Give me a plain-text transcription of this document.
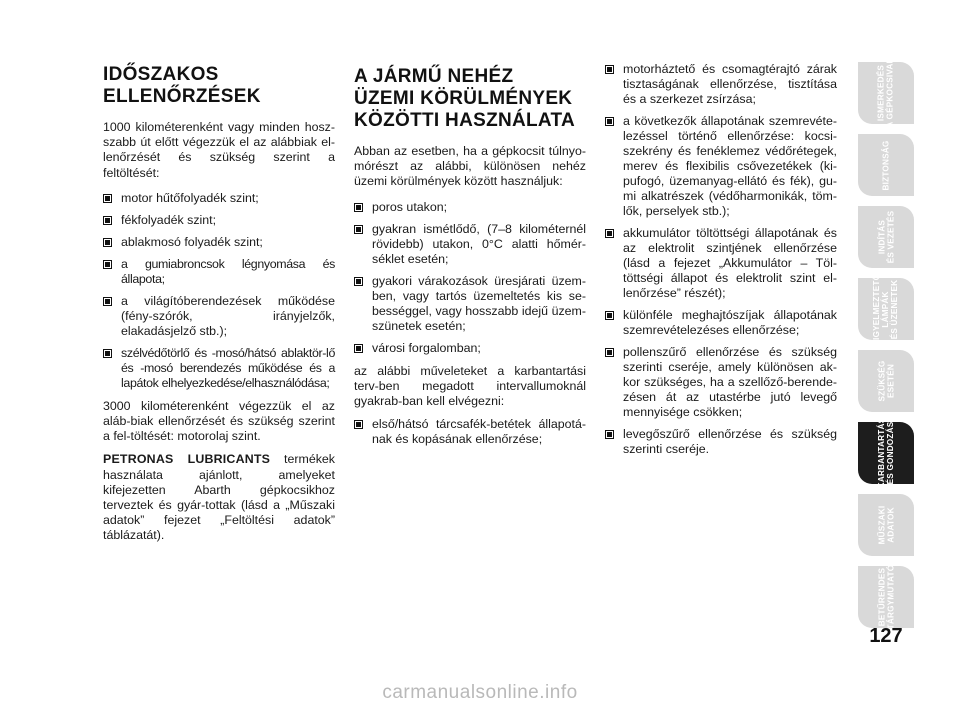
IDŐSZAKOS
ELLENŐRZÉSEK

1000 kilométerenként vagy minden hosz-szabb út előtt végezzük el az alábbiak el-lenőrzését és szükség szerint a feltöltését:

motor hűtőfolyadék szint;
fékfolyadék szint;
ablakmosó folyadék szint;
a gumiabroncsok légnyomása és állapota;
a világítóberendezések működése (fény-szórók, irányjelzők, elakadásjelző stb.);
szélvédőtörlő és -mosó/hátsó ablaktör-lő és -mosó berendezés működése és a lapátok elhelyezkedése/elhasználódása;

3000 kilométerenként végezzük el az aláb-biak ellenőrzését és szükség szerint a fel-töltését: motorolaj szint.

PETRONAS LUBRICANTS termékek használata ajánlott, amelyeket kifejezetten Abarth gépkocsikhoz terveztek és gyár-tottak (lásd a „Műszaki adatok” fejezet „Feltöltési adatok” táblázatát).

A JÁRMŰ NEHÉZ
ÜZEMI KÖRÜLMÉNYEK
KÖZÖTTI HASZNÁLATA

Abban az esetben, ha a gépkocsit túlnyo-mórészt az alábbi, különösen nehéz üzemi körülmények között használjuk:

poros utakon;
gyakran ismétlődő, (7–8 kilométernél rövidebb) utakon, 0°C alatti hőmér-séklet esetén;
gyakori várakozások üresjárati üzem-ben, vagy tartós üzemeltetés kis se-bességgel, vagy hosszabb idejű üzem-szünetek esetén;
városi forgalomban;

az alábbi műveleteket a karbantartási terv-ben megadott intervallumoknál gyakrab-ban kell elvégezni:

első/hátsó tárcsafék-betétek állapotá-nak és kopásának ellenőrzése;
motorháztető és csomagtérajtó zárak tisztaságának ellenőrzése, tisztítása és a szerkezet zsírzása;
a következők állapotának szemrevéte-lezéssel történő ellenőrzése: kocsi-szekrény és fenéklemez védőrétegek, merev és flexibilis csővezetékek (ki-pufogó, üzemanyag-ellátó és fék), gu-mi alkatrészek (védőharmonikák, töm-lők, perselyek stb.);
akkumulátor töltöttségi állapotának és az elektrolit szintjének ellenőrzése (lásd a fejezet „Akkumulátor – Töl-töttségi állapot és elektrolit szint el-lenőrzése” részét);
különféle meghajtószíjak állapotának szemrevételezéses ellenőrzése;
pollenszűrő ellenőrzése és szükség szerinti cseréje, amely különösen ak-kor szükséges, ha a szellőző-berende-zésen át az utastérbe jutó levegő mennyisége csökken;
levegőszűrő ellenőrzése és szükség szerinti cseréje.
ISMERKEDÉS
A GÉPKOCSIVAL
BIZTONSÁG
INDÍTÁS
ÉS VEZETÉS
FIGYELMEZTETŐ
LÁMPÁK
ÉS ÜZENETEK
SZÜKSÉG
ESETÉN
KARBANTARTÁS
ÉS GONDOZÁS
MŰSZAKI
ADATOK
BETŰRENDES
TÁRGYMUTATÓ
127
carmanualsonline.info
